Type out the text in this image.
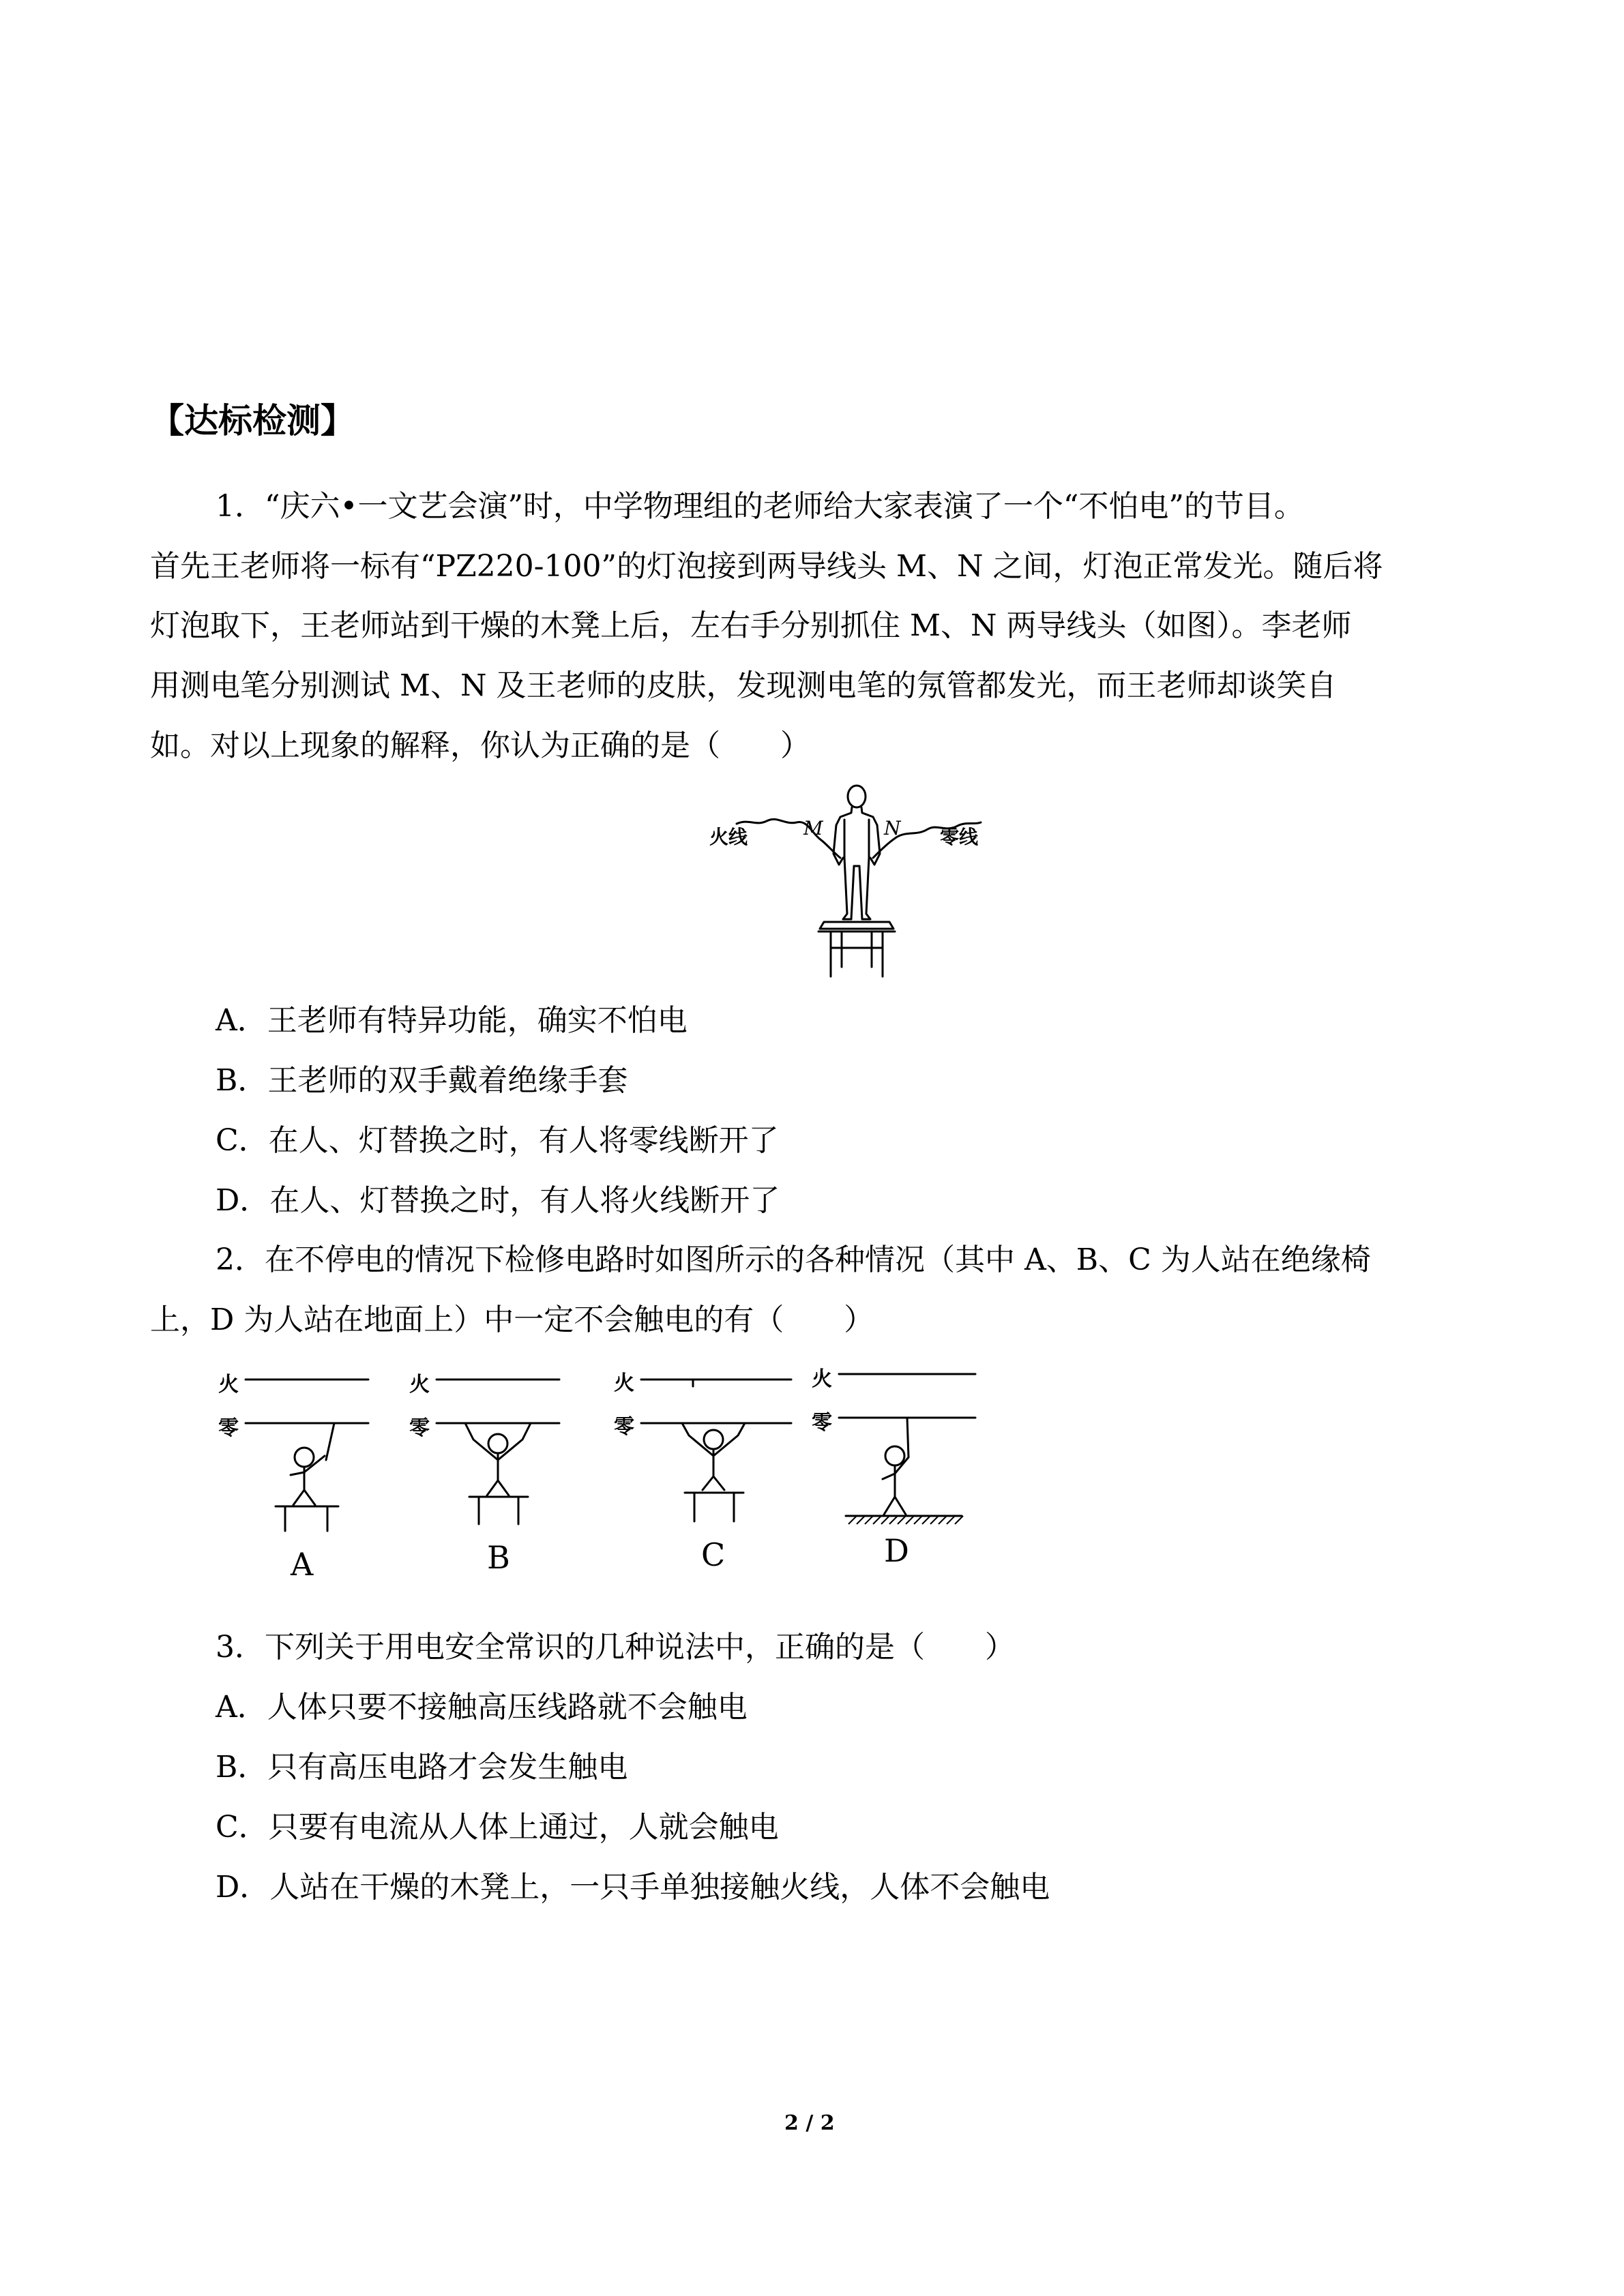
【达标检测】
1．“庆六•一文艺会演”时，中学物理组的老师给大家表演了一个“不怕电”的节目。
首先王老师将一标有“PZ220-100”的灯泡接到两导线头 M、N 之间，灯泡正常发光。随后将
灯泡取下，王老师站到干燥的木凳上后，左右手分别抓住 M、N 两导线头（如图）。李老师
用测电笔分别测试 M、N 及王老师的皮肤，发现测电笔的氖管都发光，而王老师却谈笑自
如。对以上现象的解释，你认为正确的是（　　）
火线	零线
M	N
A．王老师有特异功能，确实不怕电
B．王老师的双手戴着绝缘手套
C．在人、灯替换之时，有人将零线断开了
D．在人、灯替换之时，有人将火线断开了
2．在不停电的情况下检修电路时如图所示的各种情况（其中 A、B、C 为人站在绝缘椅
上，D 为人站在地面上）中一定不会触电的有（　　）
火
零
火
零
火
零
火
零
A	B	C	D
3．下列关于用电安全常识的几种说法中，正确的是（　　）
A．人体只要不接触高压线路就不会触电
B．只有高压电路才会发生触电
C．只要有电流从人体上通过，人就会触电
D．人站在干燥的木凳上，一只手单独接触火线，人体不会触电
2 / 2
